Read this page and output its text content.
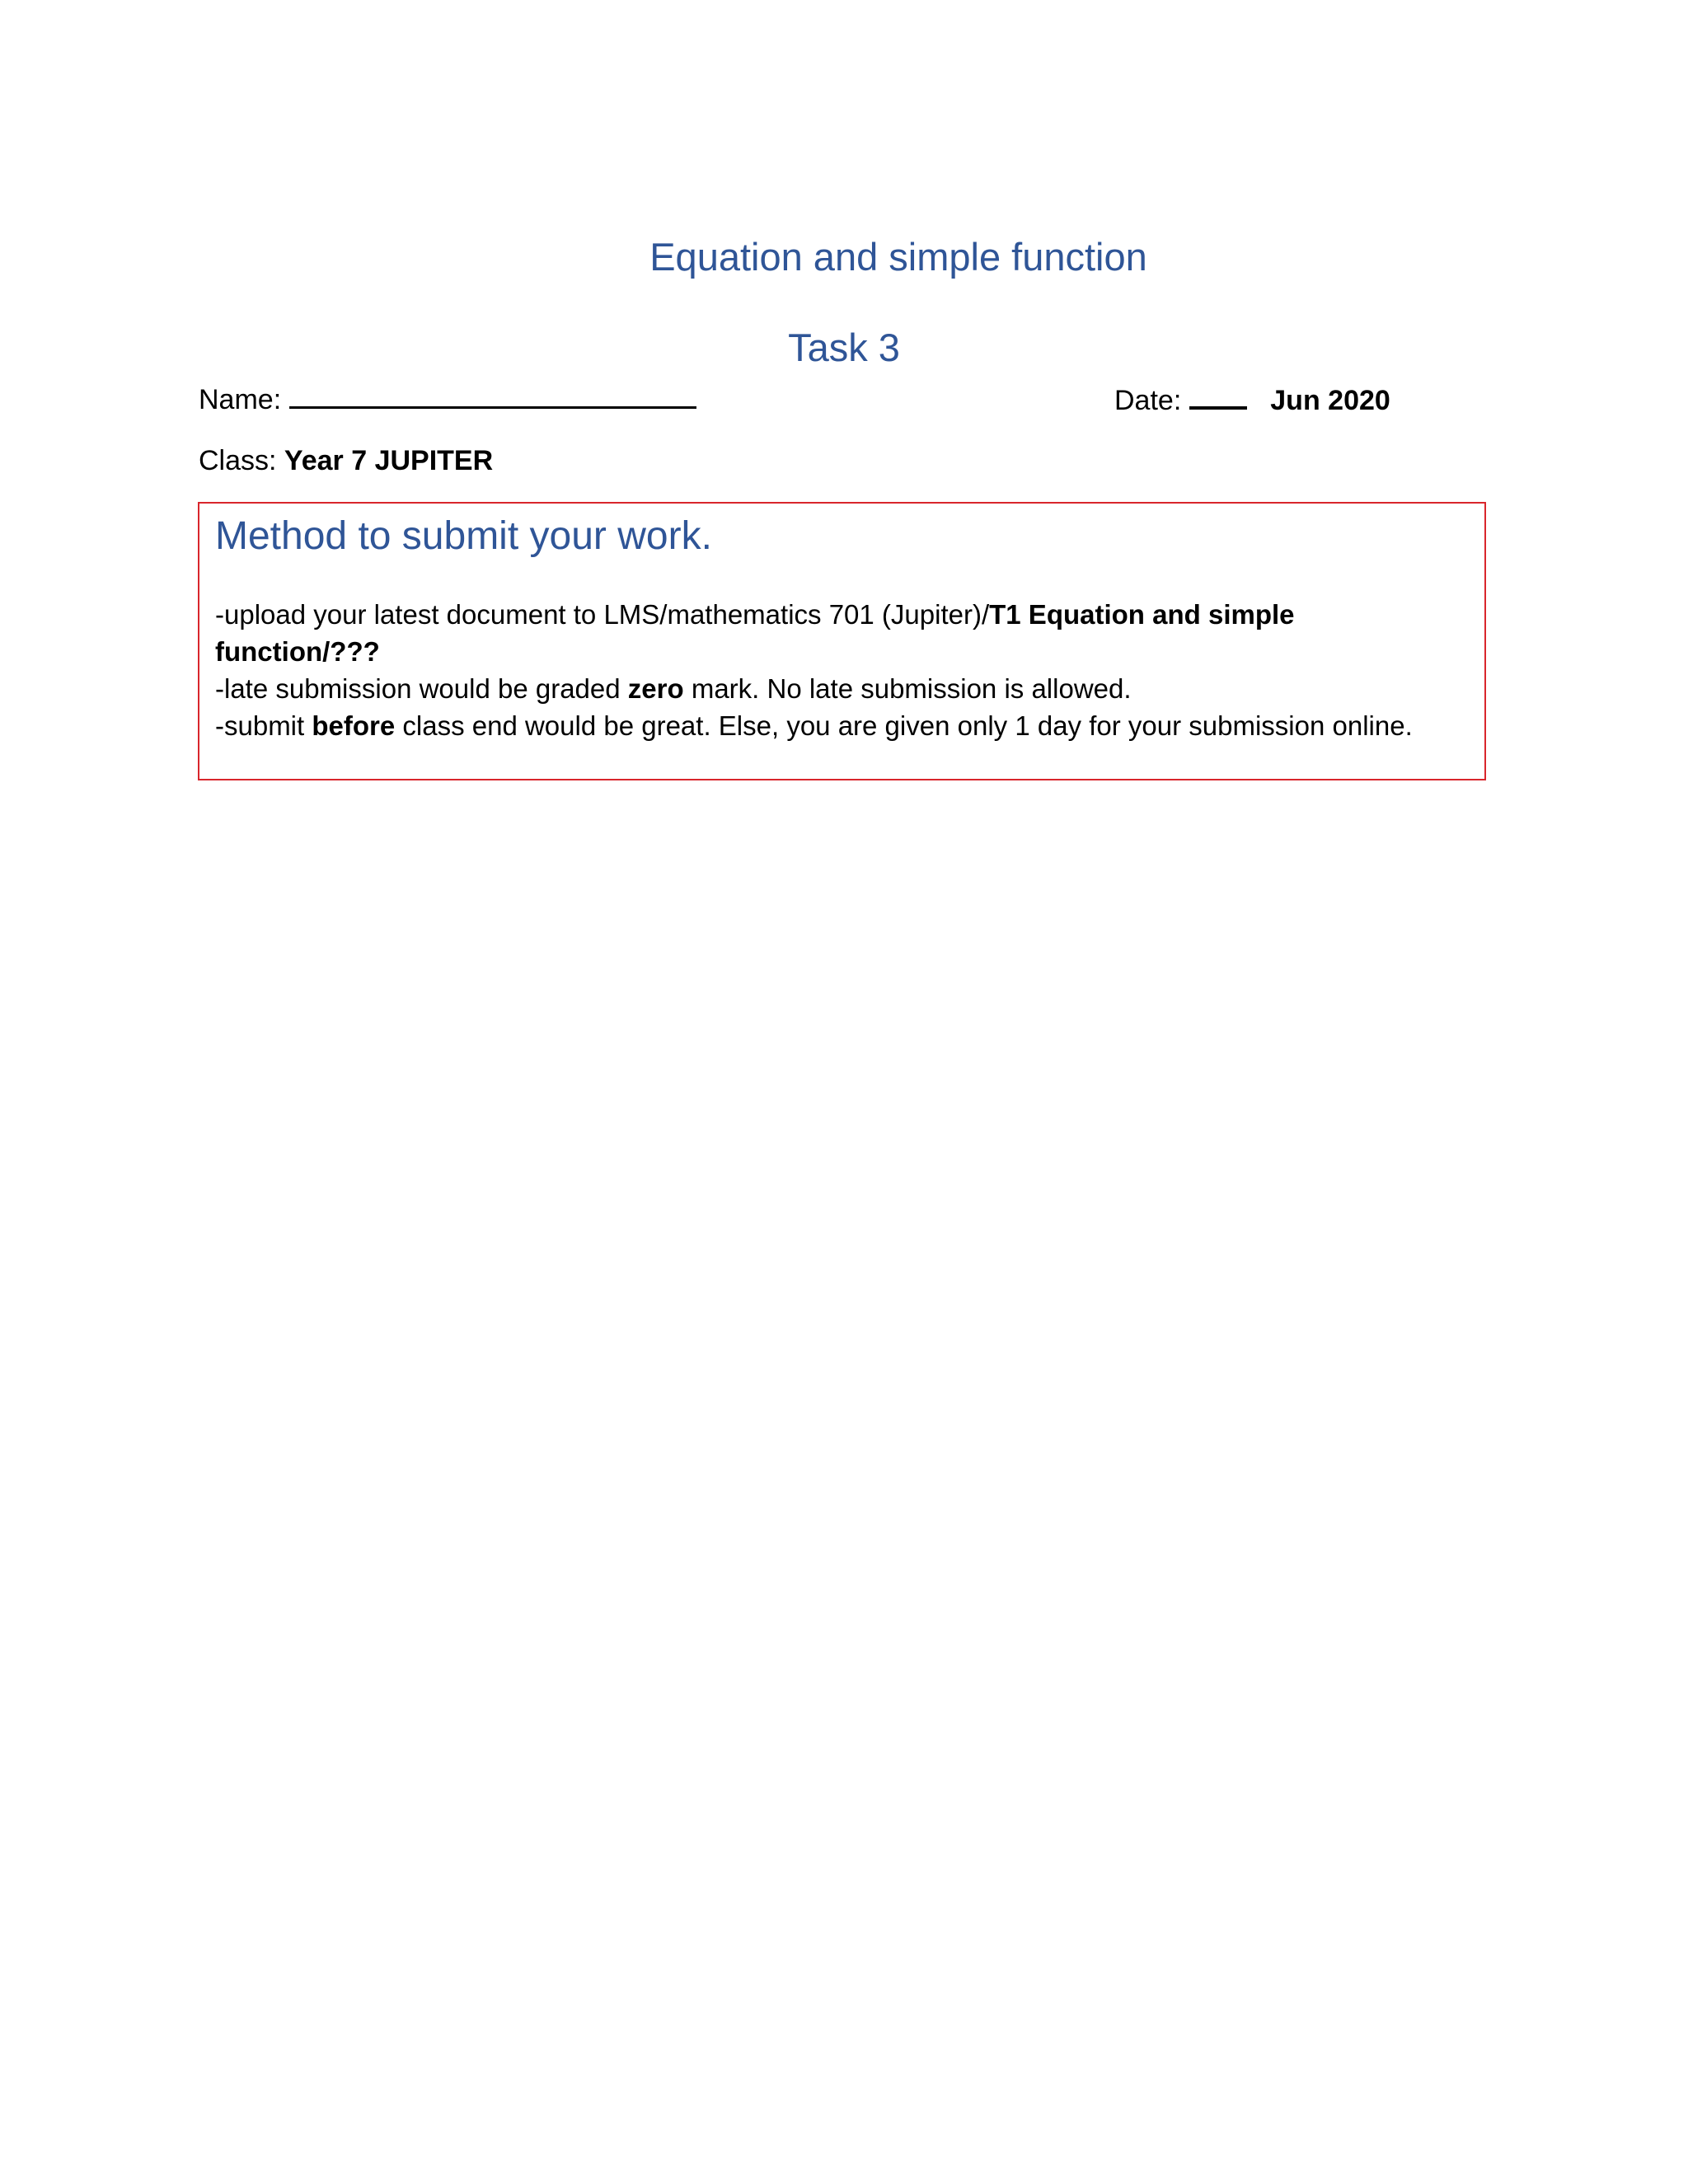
Equation and simple function
Task 3
Name:	Date:	Jun 2020
Class: Year 7 JUPITER
Method to submit your work.
-upload your latest document to LMS/mathematics 701 (Jupiter)/T1 Equation and simple
function/???
-late submission would be graded zero mark. No late submission is allowed.
-submit before class end would be great. Else, you are given only 1 day for your submission online.
